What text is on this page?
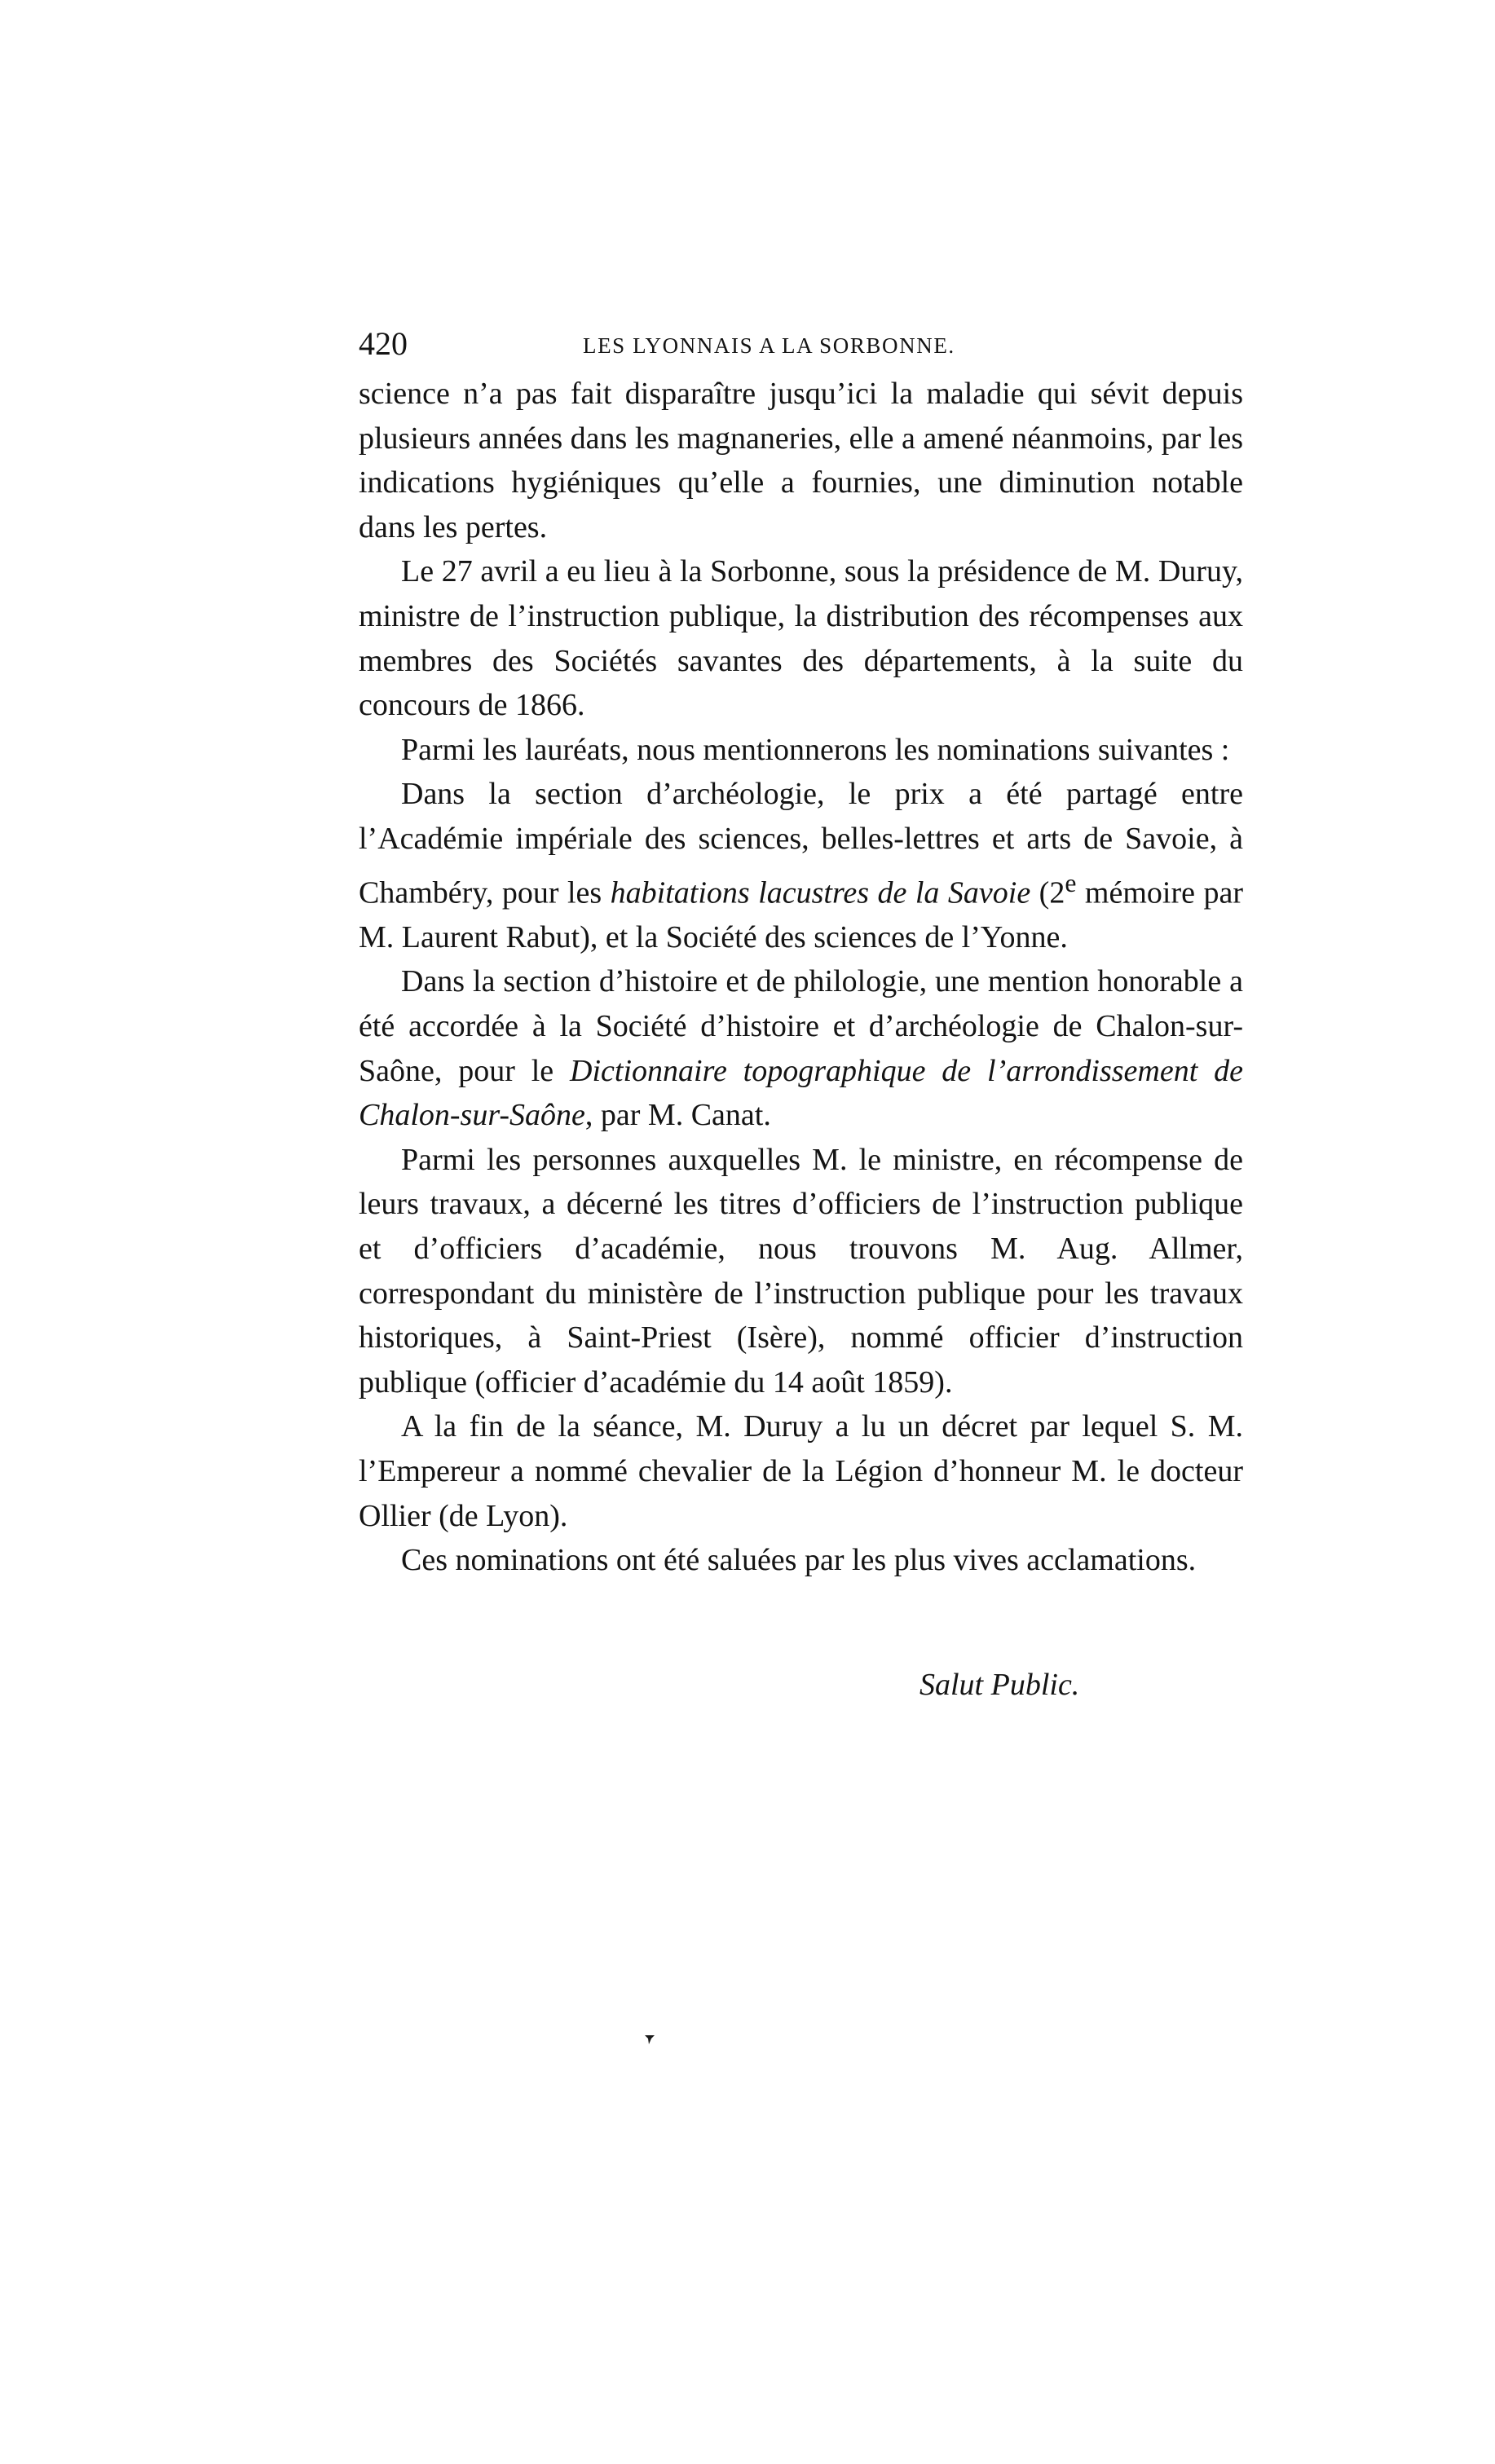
420	LES LYONNAIS A LA SORBONNE.

science n’a pas fait disparaître jusqu’ici la maladie qui sévit depuis plusieurs années dans les magnaneries, elle a amené néanmoins, par les indications hygiéniques qu’elle a fournies, une diminution notable dans les pertes.

Le 27 avril a eu lieu à la Sorbonne, sous la présidence de M. Duruy, ministre de l’instruction publique, la distribution des récompenses aux membres des Sociétés savantes des départements, à la suite du concours de 1866.

Parmi les lauréats, nous mentionnerons les nominations suivantes :

Dans la section d’archéologie, le prix a été partagé entre l’Académie impériale des sciences, belles-lettres et arts de Savoie, à Chambéry, pour les habitations lacustres de la Savoie (2e mémoire par M. Laurent Rabut), et la Société des sciences de l’Yonne.

Dans la section d’histoire et de philologie, une mention honorable a été accordée à la Société d’histoire et d’archéologie de Chalon-sur-Saône, pour le Dictionnaire topographique de l’arrondissement de Chalon-sur-Saône, par M. Canat.

Parmi les personnes auxquelles M. le ministre, en récompense de leurs travaux, a décerné les titres d’officiers de l’instruction publique et d’officiers d’académie, nous trouvons M. Aug. Allmer, correspondant du ministère de l’instruction publique pour les travaux historiques, à Saint-Priest (Isère), nommé officier d’instruction publique (officier d’académie du 14 août 1859).

A la fin de la séance, M. Duruy a lu un décret par lequel S. M. l’Empereur a nommé chevalier de la Légion d’honneur M. le docteur Ollier (de Lyon).

Ces nominations ont été saluées par les plus vives acclamations.

Salut Public.
